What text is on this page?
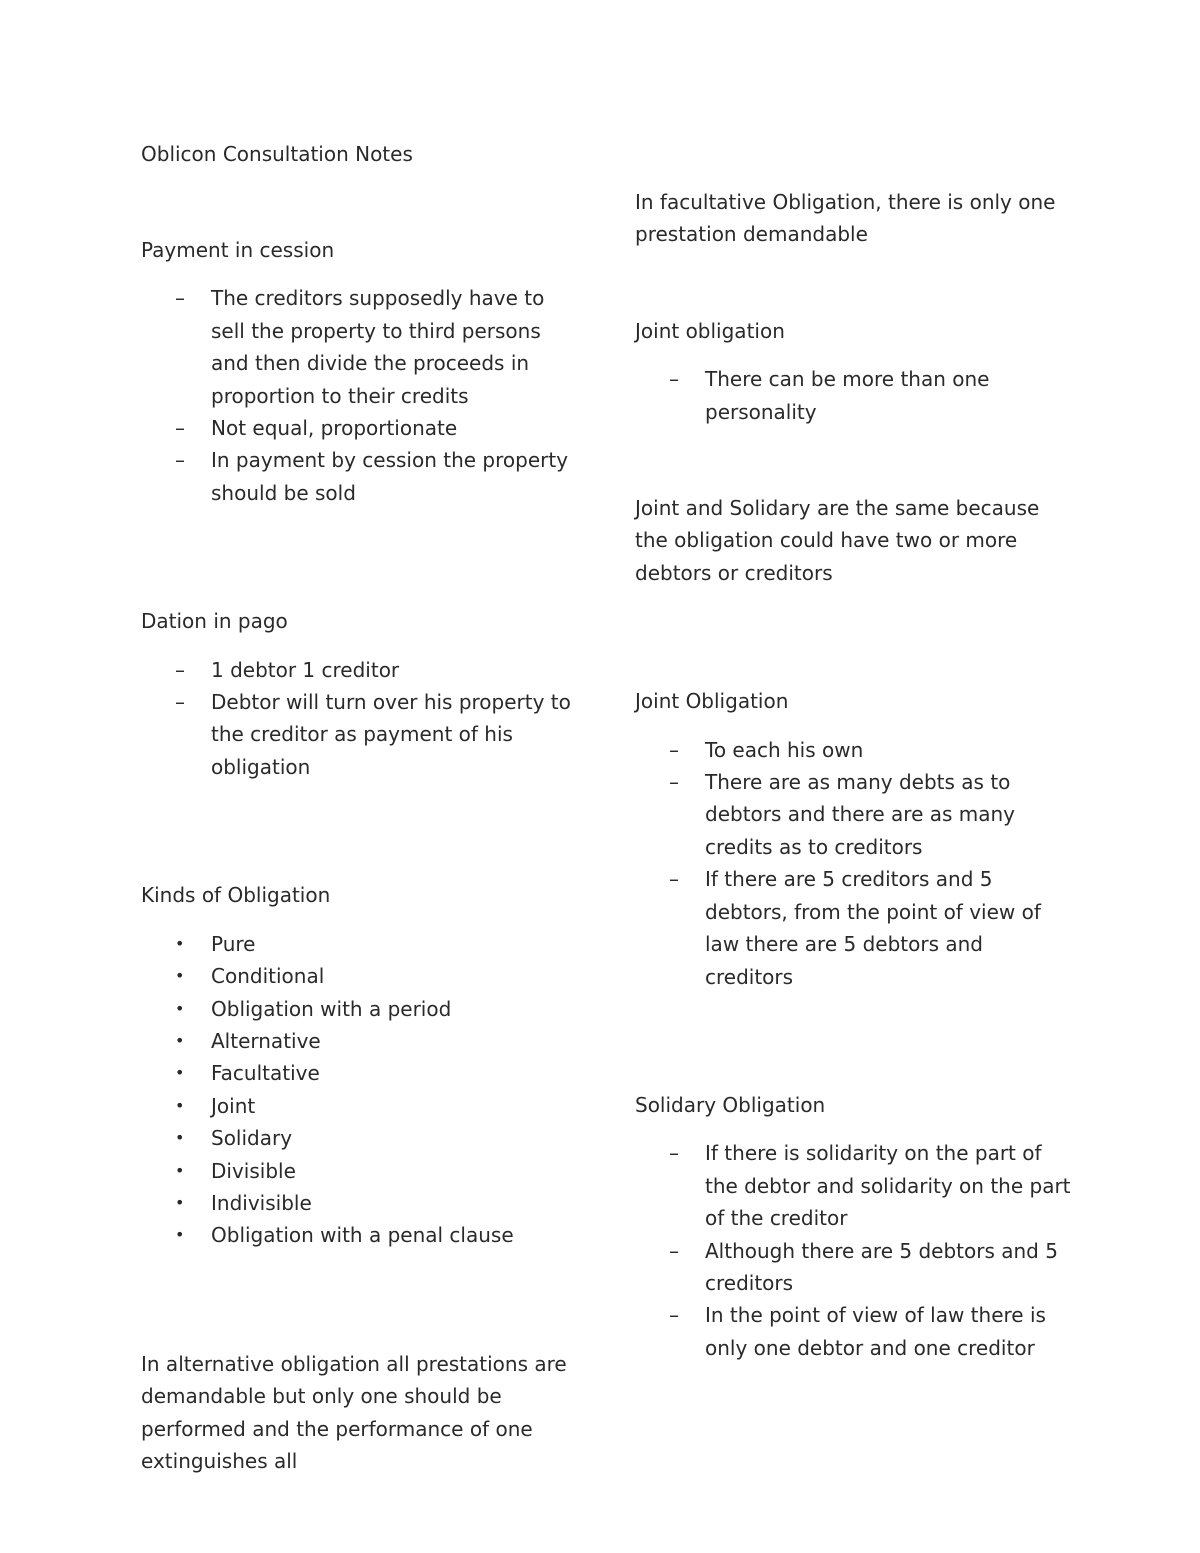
Oblicon Consultation Notes

Payment in cession

– The creditors supposedly have to sell the property to third persons and then divide the proceeds in proportion to their credits
– Not equal, proportionate
– In payment by cession the property should be sold

Dation in pago

– 1 debtor 1 creditor
– Debtor will turn over his property to the creditor as payment of his obligation

Kinds of Obligation

• Pure
• Conditional
• Obligation with a period
• Alternative
• Facultative
• Joint
• Solidary
• Divisible
• Indivisible
• Obligation with a penal clause

In alternative obligation all prestations are demandable but only one should be performed and the performance of one extinguishes all

In facultative Obligation, there is only one prestation demandable

Joint obligation

– There can be more than one personality

Joint and Solidary are the same because the obligation could have two or more debtors or creditors

Joint Obligation

– To each his own
– There are as many debts as to debtors and there are as many credits as to creditors
– If there are 5 creditors and 5 debtors, from the point of view of law there are 5 debtors and creditors

Solidary Obligation

– If there is solidarity on the part of the debtor and solidarity on the part of the creditor
– Although there are 5 debtors and 5 creditors
– In the point of view of law there is only one debtor and one creditor
